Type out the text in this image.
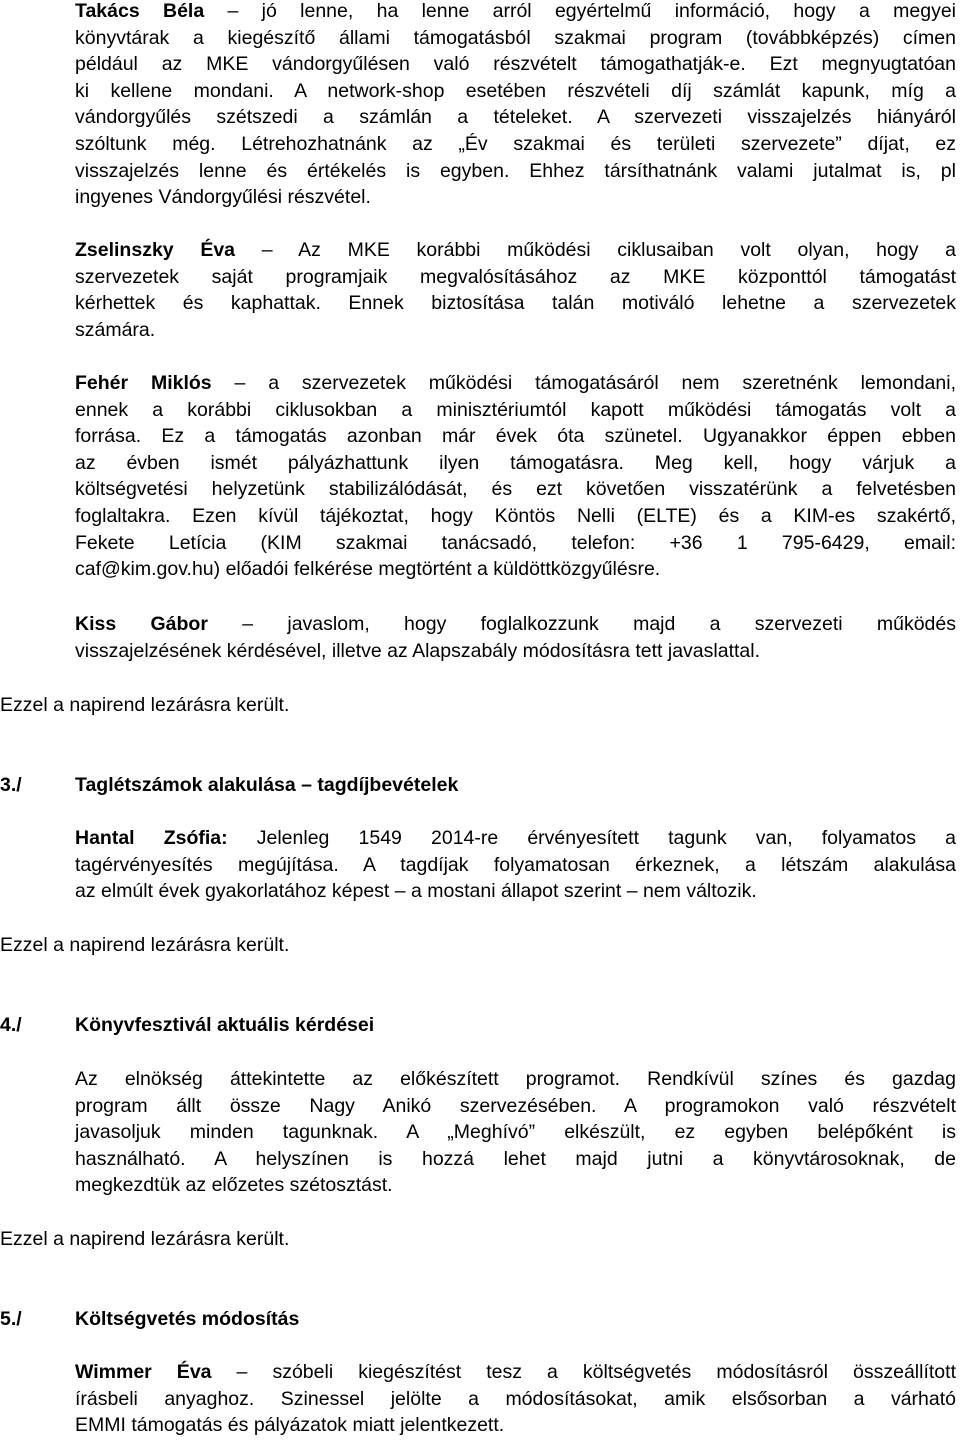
Takács Béla – jó lenne, ha lenne arról egyértelmű információ, hogy a megyei
könyvtárak a kiegészítő állami támogatásból szakmai program (továbbképzés) címen
például az MKE vándorgyűlésen való részvételt támogathatják-e. Ezt megnyugtatóan
ki kellene mondani. A network-shop esetében részvételi díj számlát kapunk, míg a
vándorgyűlés szétszedi a számlán a tételeket. A szervezeti visszajelzés hiányáról
szóltunk még. Létrehozhatnánk az „Év szakmai és területi szervezete” díjat, ez
visszajelzés lenne és értékelés is egyben. Ehhez társíthatnánk valami jutalmat is, pl
ingyenes Vándorgyűlési részvétel.
Zselinszky Éva – Az MKE korábbi működési ciklusaiban volt olyan, hogy a
szervezetek saját programjaik megvalósításához az MKE központtól támogatást
kérhettek és kaphattak. Ennek biztosítása talán motiváló lehetne a szervezetek
számára.
Fehér Miklós – a szervezetek működési támogatásáról nem szeretnénk lemondani,
ennek a korábbi ciklusokban a minisztériumtól kapott működési támogatás volt a
forrása. Ez a támogatás azonban már évek óta szünetel. Ugyanakkor éppen ebben
az évben ismét pályázhattunk ilyen támogatásra. Meg kell, hogy várjuk a
költségvetési helyzetünk stabilizálódását, és ezt követően visszatérünk a felvetésben
foglaltakra. Ezen kívül tájékoztat, hogy Köntös Nelli (ELTE) és a KIM-es szakértő,
Fekete Letícia (KIM szakmai tanácsadó, telefon: +36 1 795-6429, email:
caf@kim.gov.hu) előadói felkérése megtörtént a küldöttközgyűlésre.
Kiss Gábor – javaslom, hogy foglalkozzunk majd a szervezeti működés
visszajelzésének kérdésével, illetve az Alapszabály módosításra tett javaslattal.

Ezzel a napirend lezárásra került.

3./	Taglétszámok alakulása – tagdíjbevételek

Hantal Zsófia: Jelenleg 1549 2014-re érvényesített tagunk van, folyamatos a
tagérvényesítés megújítása. A tagdíjak folyamatosan érkeznek, a létszám alakulása
az elmúlt évek gyakorlatához képest – a mostani állapot szerint – nem változik.

Ezzel a napirend lezárásra került.

4./	Könyvfesztivál aktuális kérdései

Az elnökség áttekintette az előkészített programot. Rendkívül színes és gazdag
program állt össze Nagy Anikó szervezésében. A programokon való részvételt
javasoljuk minden tagunknak. A „Meghívó” elkészült, ez egyben belépőként is
használható. A helyszínen is hozzá lehet majd jutni a könyvtárosoknak, de
megkezdtük az előzetes szétosztást.

Ezzel a napirend lezárásra került.

5./	Költségvetés módosítás

Wimmer Éva – szóbeli kiegészítést tesz a költségvetés módosításról összeállított
írásbeli anyaghoz. Szinessel jelölte a módosításokat, amik elsősorban a várható
EMMI támogatás és pályázatok miatt jelentkezett.
